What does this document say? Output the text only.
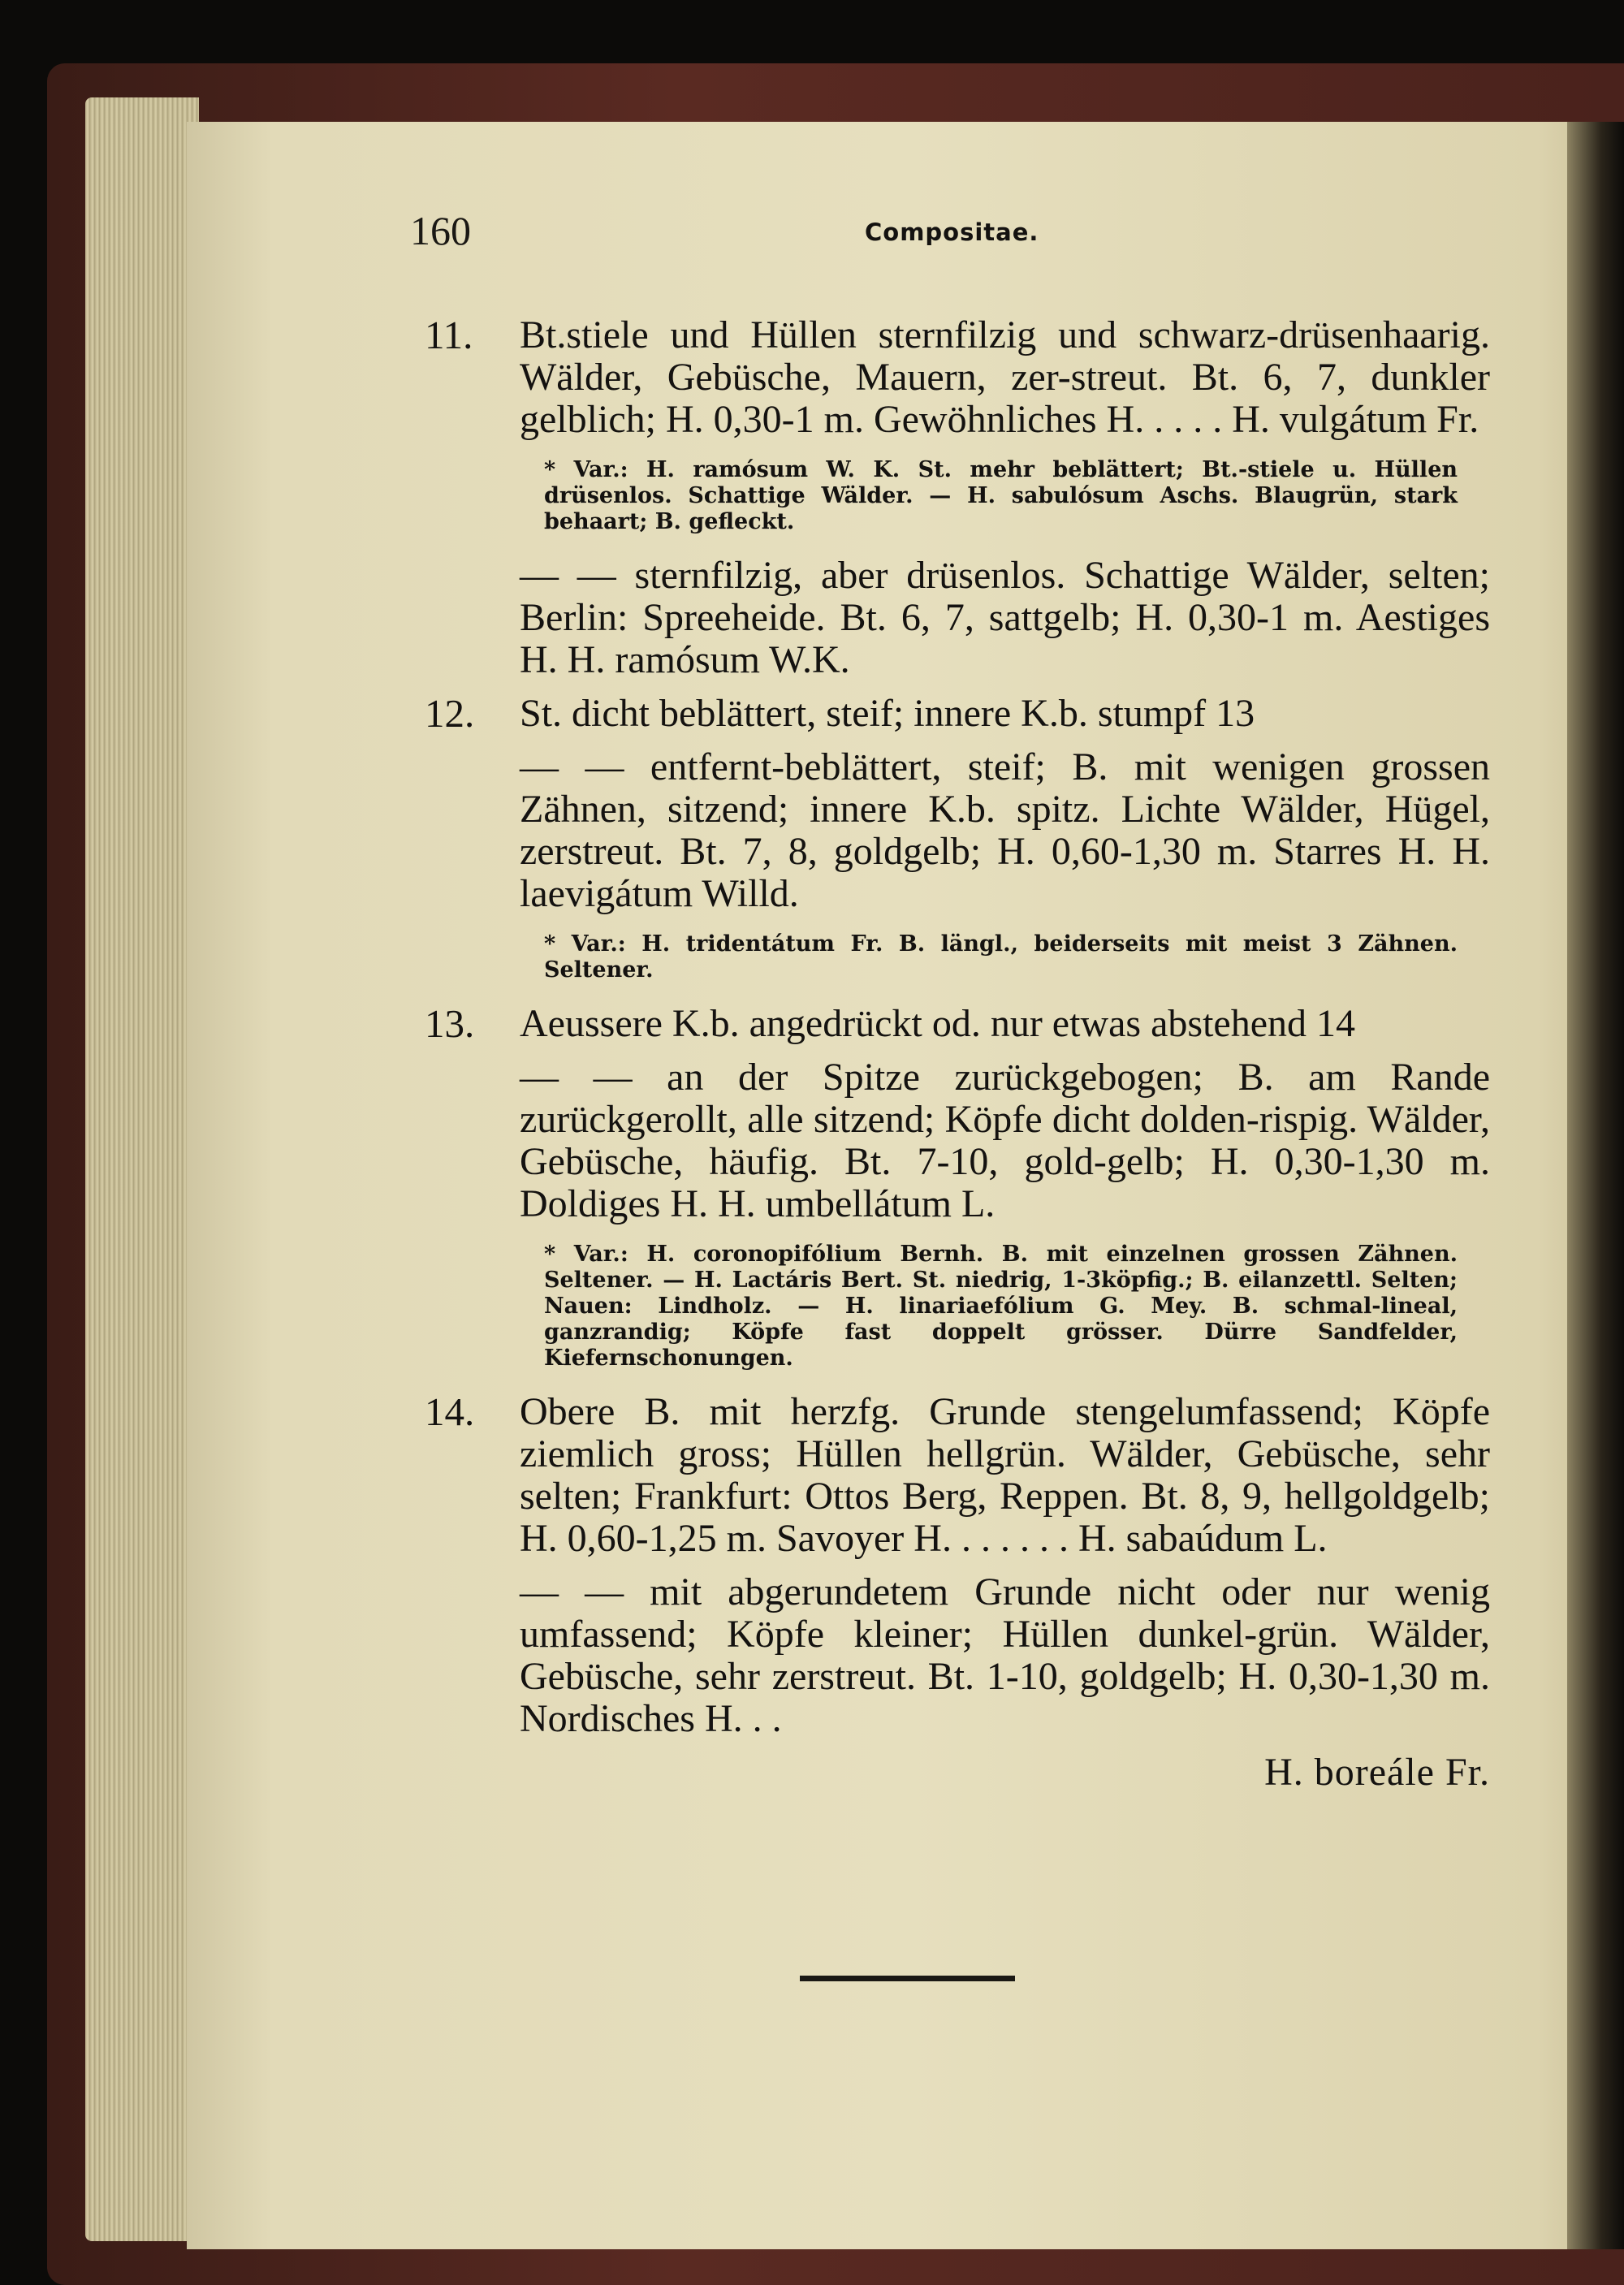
160	Compositae.
11. Bt.stiele und Hüllen sternfilzig und schwarz-drüsenhaarig. Wälder, Gebüsche, Mauern, zer-streut. Bt. 6, 7, dunkler gelblich; H. 0,30-1 m. Gewöhnliches H. . . . . H. vulgátum Fr.
* Var.: H. ramósum W. K. St. mehr beblättert; Bt.-stiele u. Hüllen drüsenlos. Schattige Wälder. — H. sabulósum Aschs. Blaugrün, stark behaart; B. gefleckt.
— — sternfilzig, aber drüsenlos. Schattige Wälder, selten; Berlin: Spreeheide. Bt. 6, 7, sattgelb; H. 0,30-1 m. Aestiges H. H. ramósum W.K.
12. St. dicht beblättert, steif; innere K.b. stumpf 13
— — entfernt-beblättert, steif; B. mit wenigen grossen Zähnen, sitzend; innere K.b. spitz. Lichte Wälder, Hügel, zerstreut. Bt. 7, 8, goldgelb; H. 0,60-1,30 m. Starres H. H. laevigátum Willd.
* Var.: H. tridentátum Fr. B. längl., beiderseits mit meist 3 Zähnen. Seltener.
13. Aeussere K.b. angedrückt od. nur etwas abstehend 14
— — an der Spitze zurückgebogen; B. am Rande zurückgerollt, alle sitzend; Köpfe dicht dolden-rispig. Wälder, Gebüsche, häufig. Bt. 7-10, gold-gelb; H. 0,30-1,30 m. Doldiges H. H. umbellátum L.
* Var.: H. coronopifólium Bernh. B. mit einzelnen grossen Zähnen. Seltener. — H. Lactáris Bert. St. niedrig, 1-3köpfig.; B. eilanzettl. Selten; Nauen: Lindholz. — H. linariaefólium G. Mey. B. schmal-lineal, ganzrandig; Köpfe fast doppelt grösser. Dürre Sandfelder, Kiefernschonungen.
14. Obere B. mit herzfg. Grunde stengelumfassend; Köpfe ziemlich gross; Hüllen hellgrün. Wälder, Gebüsche, sehr selten; Frankfurt: Ottos Berg, Reppen. Bt. 8, 9, hellgoldgelb; H. 0,60-1,25 m. Savoyer H. . . . . . . H. sabaúdum L.
— — mit abgerundetem Grunde nicht oder nur wenig umfassend; Köpfe kleiner; Hüllen dunkel-grün. Wälder, Gebüsche, sehr zerstreut. Bt. 1-10, goldgelb; H. 0,30-1,30 m. Nordisches H. . .
H. boreále Fr.
